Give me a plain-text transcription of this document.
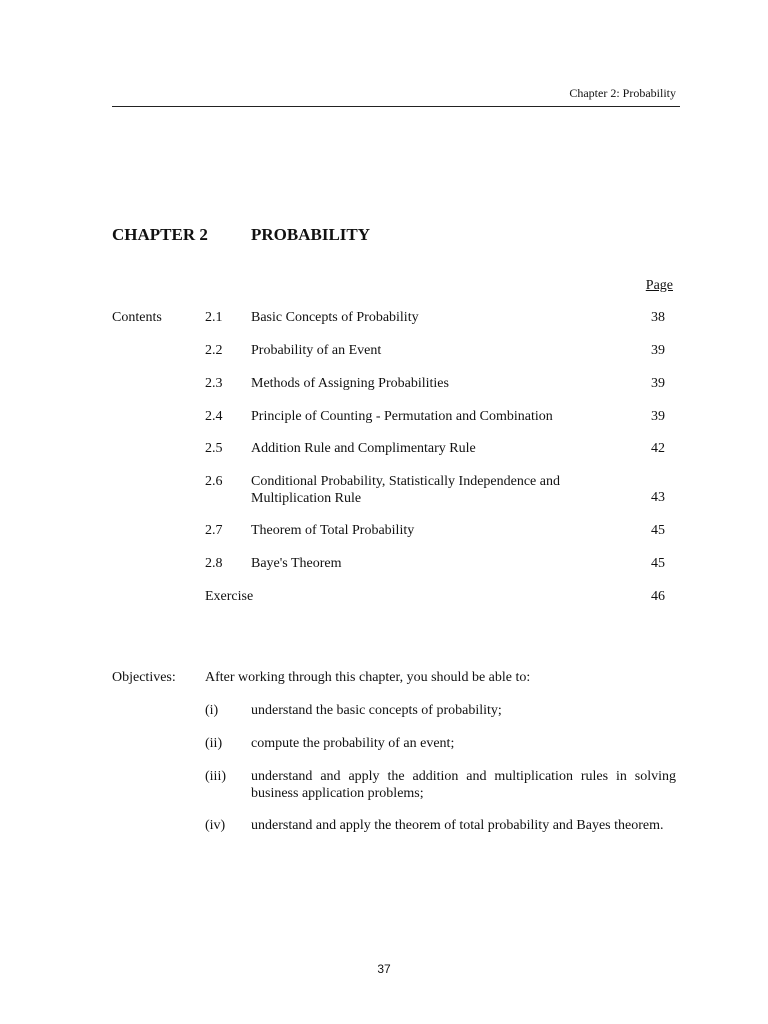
Chapter 2: Probability
CHAPTER 2	PROBABILITY
Page
Contents	2.1 Basic Concepts of Probability	38
2.2 Probability of an Event	39
2.3 Methods of Assigning Probabilities	39
2.4 Principle of Counting - Permutation and Combination	39
2.5 Addition Rule and Complimentary Rule	42
2.6 Conditional Probability, Statistically Independence and Multiplication Rule	43
2.7 Theorem of Total Probability	45
2.8 Baye's Theorem	45
Exercise	46
Objectives: After working through this chapter, you should be able to:
(i) understand the basic concepts of probability;
(ii) compute the probability of an event;
(iii) understand and apply the addition and multiplication rules in solving business application problems;
(iv) understand and apply the theorem of total probability and Bayes theorem.
37
